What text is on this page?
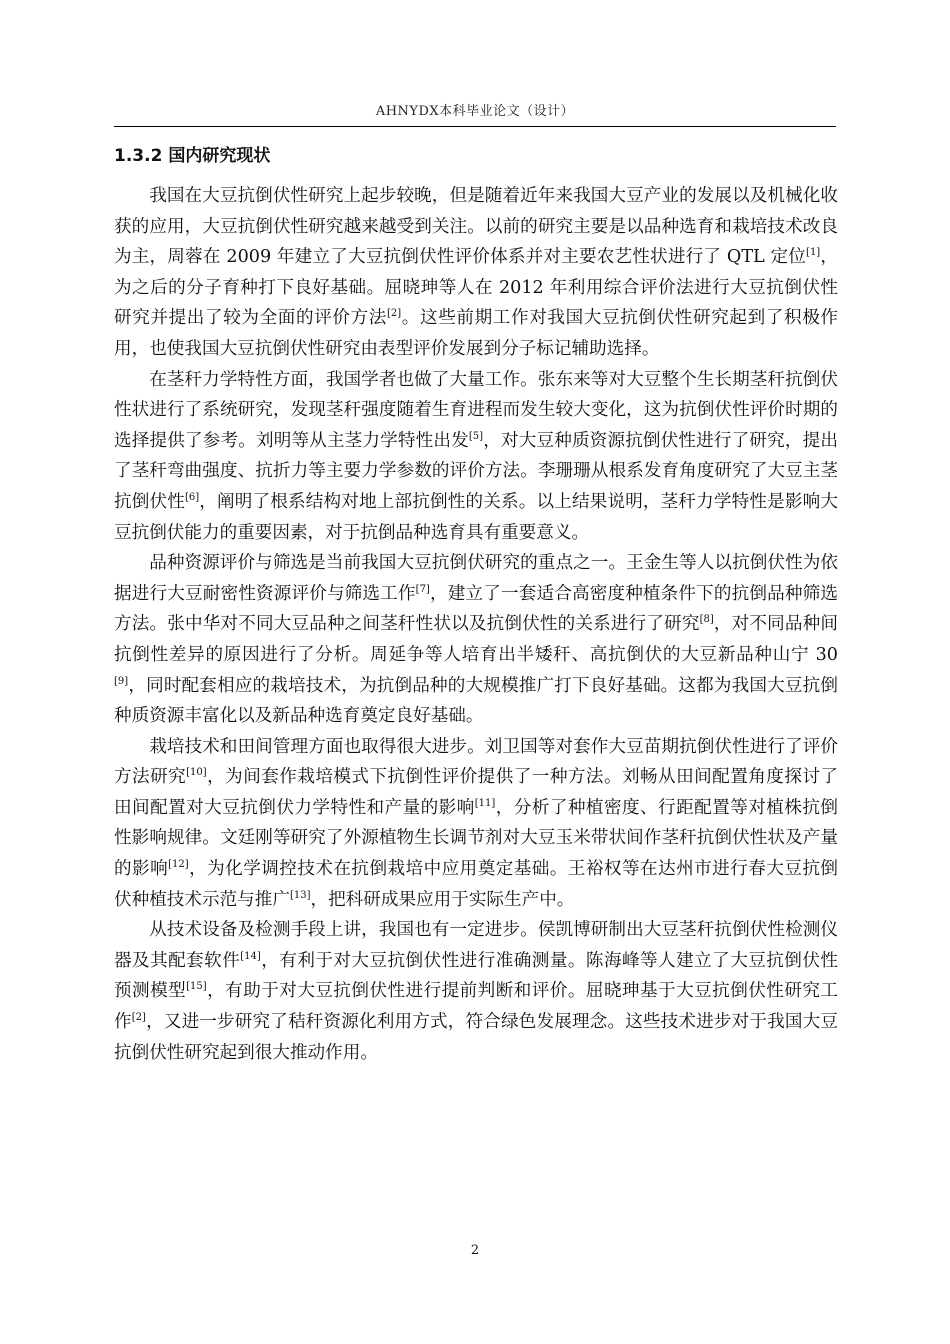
AHNYDX本科毕业论文（设计）
1.3.2 国内研究现状

我国在大豆抗倒伏性研究上起步较晚，但是随着近年来我国大豆产业的发展以及机械化收获的应用，大豆抗倒伏性研究越来越受到关注。以前的研究主要是以品种选育和栽培技术改良为主，周蓉在 2009 年建立了大豆抗倒伏性评价体系并对主要农艺性状进行了 QTL 定位[1]，为之后的分子育种打下良好基础。屈晓珅等人在 2012 年利用综合评价法进行大豆抗倒伏性研究并提出了较为全面的评价方法[2]。这些前期工作对我国大豆抗倒伏性研究起到了积极作用，也使我国大豆抗倒伏性研究由表型评价发展到分子标记辅助选择。

在茎秆力学特性方面，我国学者也做了大量工作。张东来等对大豆整个生长期茎秆抗倒伏性状进行了系统研究，发现茎秆强度随着生育进程而发生较大变化，这为抗倒伏性评价时期的选择提供了参考。刘明等从主茎力学特性出发[5]，对大豆种质资源抗倒伏性进行了研究，提出了茎秆弯曲强度、抗折力等主要力学参数的评价方法。李珊珊从根系发育角度研究了大豆主茎抗倒伏性[6]，阐明了根系结构对地上部抗倒性的关系。以上结果说明，茎秆力学特性是影响大豆抗倒伏能力的重要因素，对于抗倒品种选育具有重要意义。

品种资源评价与筛选是当前我国大豆抗倒伏研究的重点之一。王金生等人以抗倒伏性为依据进行大豆耐密性资源评价与筛选工作[7]，建立了一套适合高密度种植条件下的抗倒品种筛选方法。张中华对不同大豆品种之间茎秆性状以及抗倒伏性的关系进行了研究[8]，对不同品种间抗倒性差异的原因进行了分析。周延争等人培育出半矮秆、高抗倒伏的大豆新品种山宁 30[9]，同时配套相应的栽培技术，为抗倒品种的大规模推广打下良好基础。这都为我国大豆抗倒种质资源丰富化以及新品种选育奠定良好基础。

栽培技术和田间管理方面也取得很大进步。刘卫国等对套作大豆苗期抗倒伏性进行了评价方法研究[10]，为间套作栽培模式下抗倒性评价提供了一种方法。刘畅从田间配置角度探讨了田间配置对大豆抗倒伏力学特性和产量的影响[11]，分析了种植密度、行距配置等对植株抗倒性影响规律。文廷刚等研究了外源植物生长调节剂对大豆玉米带状间作茎秆抗倒伏性状及产量的影响[12]，为化学调控技术在抗倒栽培中应用奠定基础。王裕权等在达州市进行春大豆抗倒伏种植技术示范与推广[13]，把科研成果应用于实际生产中。

从技术设备及检测手段上讲，我国也有一定进步。侯凯博研制出大豆茎秆抗倒伏性检测仪器及其配套软件[14]，有利于对大豆抗倒伏性进行准确测量。陈海峰等人建立了大豆抗倒伏性预测模型[15]，有助于对大豆抗倒伏性进行提前判断和评价。屈晓珅基于大豆抗倒伏性研究工作[2]，又进一步研究了秸秆资源化利用方式，符合绿色发展理念。这些技术进步对于我国大豆抗倒伏性研究起到很大推动作用。

2
